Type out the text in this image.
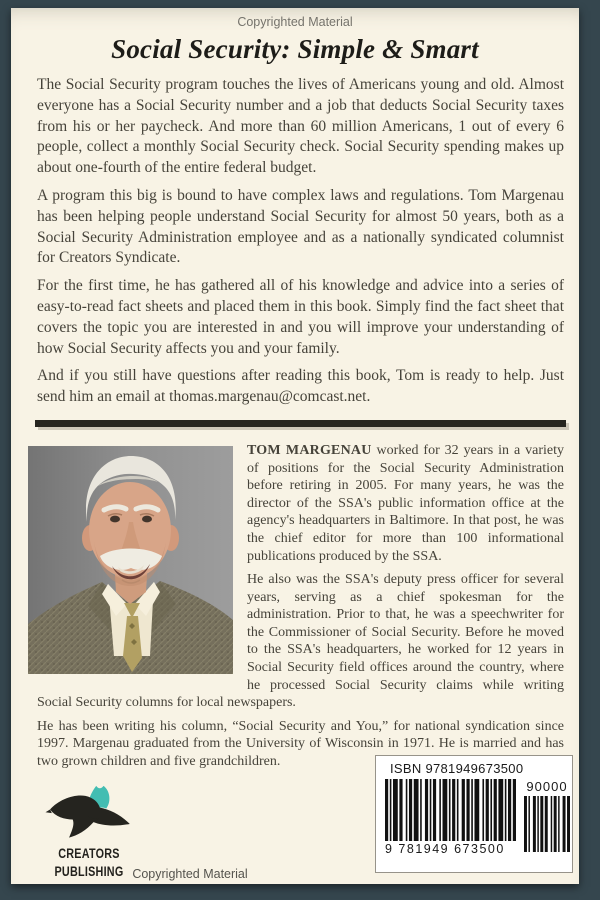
Copyrighted Material
Social Security: Simple & Smart

The Social Security program touches the lives of Americans young and old. Almost everyone has a Social Security number and a job that deducts Social Security taxes from his or her paycheck. And more than 60 million Americans, 1 out of every 6 people, collect a monthly Social Security check. Social Security spending makes up about one-fourth of the entire federal budget.

A program this big is bound to have complex laws and regulations. Tom Margenau has been helping people understand Social Security for almost 50 years, both as a Social Security Administration employee and as a nationally syndicated columnist for Creators Syndicate.

For the first time, he has gathered all of his knowledge and advice into a series of easy-to-read fact sheets and placed them in this book. Simply find the fact sheet that covers the topic you are interested in and you will improve your understanding of how Social Security affects you and your family.

And if you still have questions after reading this book, Tom is ready to help. Just send him an email at thomas.margenau@comcast.net.

TOM MARGENAU worked for 32 years in a variety of positions for the Social Security Administration before retiring in 2005. For many years, he was the director of the SSA's public information office at the agency's headquarters in Baltimore. In that post, he was the chief editor for more than 100 informational publications produced by the SSA.

He also was the SSA's deputy press officer for several years, serving as a chief spokesman for the administration. Prior to that, he was a speechwriter for the Commissioner of Social Security. Before he moved to the SSA's headquarters, he worked for 12 years in Social Security field offices around the country, where he processed Social Security claims while writing Social Security columns for local newspapers.

He has been writing his column, “Social Security and You,” for national syndication since 1997. Margenau graduated from the University of Wisconsin in 1971. He is married and has two grown children and five grandchildren.

CREATORS
PUBLISHING
ISBN 9781949673500
9 781949 673500
90000
Copyrighted Material
